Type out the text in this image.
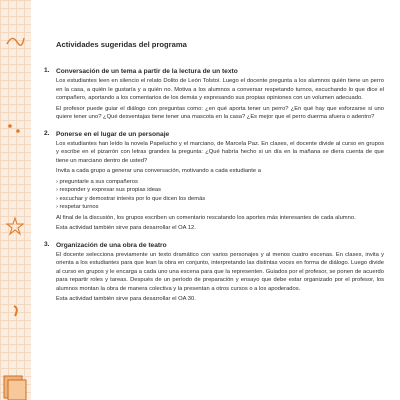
Actividades sugeridas del programa
1. Conversación de un tema a partir de la lectura de un texto

Los estudiantes leen en silencio el relato Dolito de León Tolstoi. Luego el docente pregunta a los alumnos quién tiene un perro en la casa, a quién le gustaría y a quién no. Motiva a los alumnos a conversar respetando turnos, escuchando lo que dice el compañero, aportando a los comentarios de los demás y expresando sus propias opiniones con un volumen adecuado.

El profesor puede guiar el diálogo con preguntas como: ¿en qué aporta tener un perro? ¿En qué hay que esforzarse si uno quiere tener uno? ¿Qué desventajas tiene tener una mascota en la casa? ¿Es mejor que el perro duerma afuera o adentro?

2. Ponerse en el lugar de un personaje

Los estudiantes han leído la novela Papelucho y el marciano, de Marcela Paz. En clases, el docente divide al curso en grupos y escribe en el pizarrón con letras grandes la pregunta: ¿Qué habría hecho si un día en la mañana se diera cuenta de que tiene un marciano dentro de usted?

Invita a cada grupo a generar una conversación, motivando a cada estudiante a

› preguntarle a sus compañeros
› responder y expresar sus propias ideas
› escuchar y demostrar interés por lo que dicen los demás
› respetar turnos

Al final de la discusión, los grupos escriben un comentario rescatando los aportes más interesantes de cada alumno.

Esta actividad también sirve para desarrollar el OA 12.

3. Organización de una obra de teatro

El docente selecciona previamente un texto dramático con varios personajes y al menos cuatro escenas. En clases, invita y orienta a los estudiantes para que lean la obra en conjunto, interpretando las distintas voces en forma de diálogo. Luego divide al curso en grupos y le encarga a cada uno una escena para que la representen. Guiados por el profesor, se ponen de acuerdo para repartir roles y tareas. Después de un período de preparación y ensayo que debe estar organizado por el profesor, los alumnos montan la obra de manera colectiva y la presentan a otros cursos o a los apoderados.

Esta actividad también sirve para desarrollar el OA 30.
